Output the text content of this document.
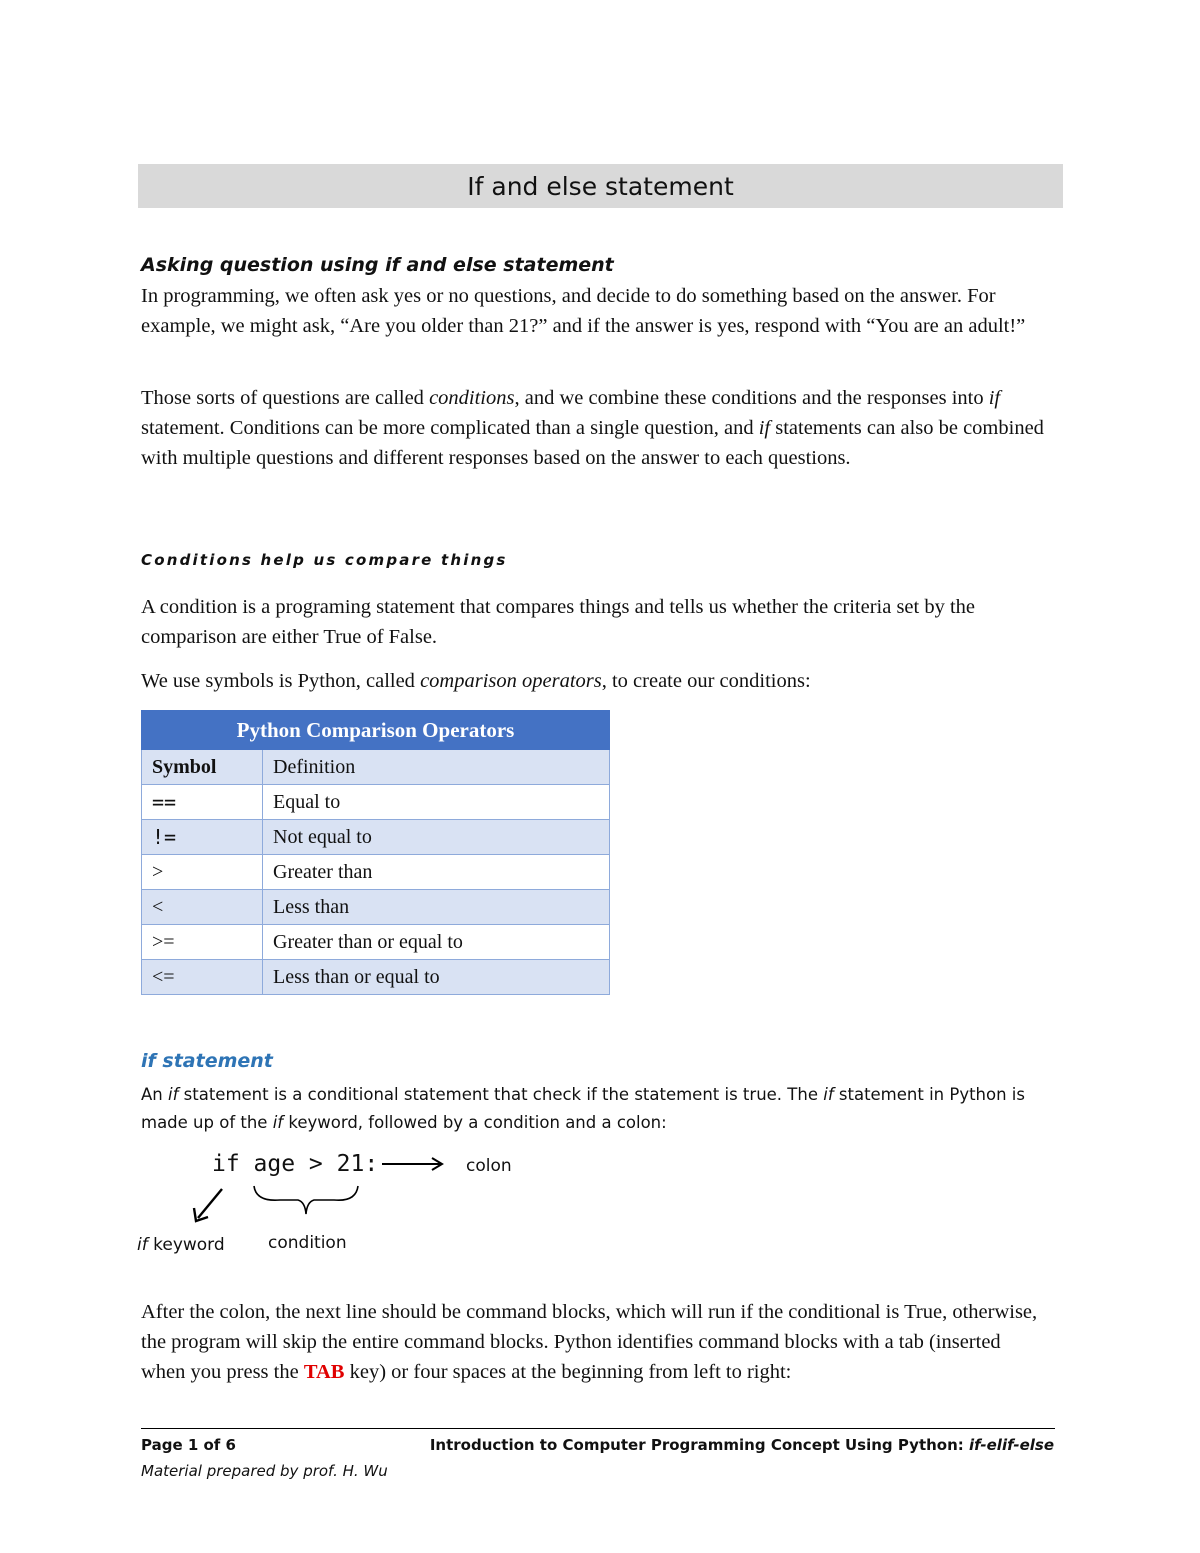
If and else statement
Asking question using if and else statement
In programming, we often ask yes or no questions, and decide to do something based on the answer. For example, we might ask, “Are you older than 21?” and if the answer is yes, respond with “You are an adult!”
Those sorts of questions are called conditions, and we combine these conditions and the responses into if statement. Conditions can be more complicated than a single question, and if statements can also be combined with multiple questions and different responses based on the answer to each questions.
Conditions help us compare things
A condition is a programing statement that compares things and tells us whether the criteria set by the comparison are either True of False.
We use symbols is Python, called comparison operators, to create our conditions:
Python Comparison Operators	
Symbol	Definition
==	Equal to
!=	Not equal to
>	Greater than
<	Less than
>=	Greater than or equal to
<=	Less than or equal to
if statement
An if statement is a conditional statement that check if the statement is true. The if statement in Python is made up of the if keyword, followed by a condition and a colon:
if age > 21:	colon
if keyword	condition
After the colon, the next line should be command blocks, which will run if the conditional is True, otherwise, the program will skip the entire command blocks. Python identifies command blocks with a tab (inserted when you press the TAB key) or four spaces at the beginning from left to right:
Page 1 of 6	Introduction to Computer Programming Concept Using Python: if-elif-else
Material prepared by prof. H. Wu
